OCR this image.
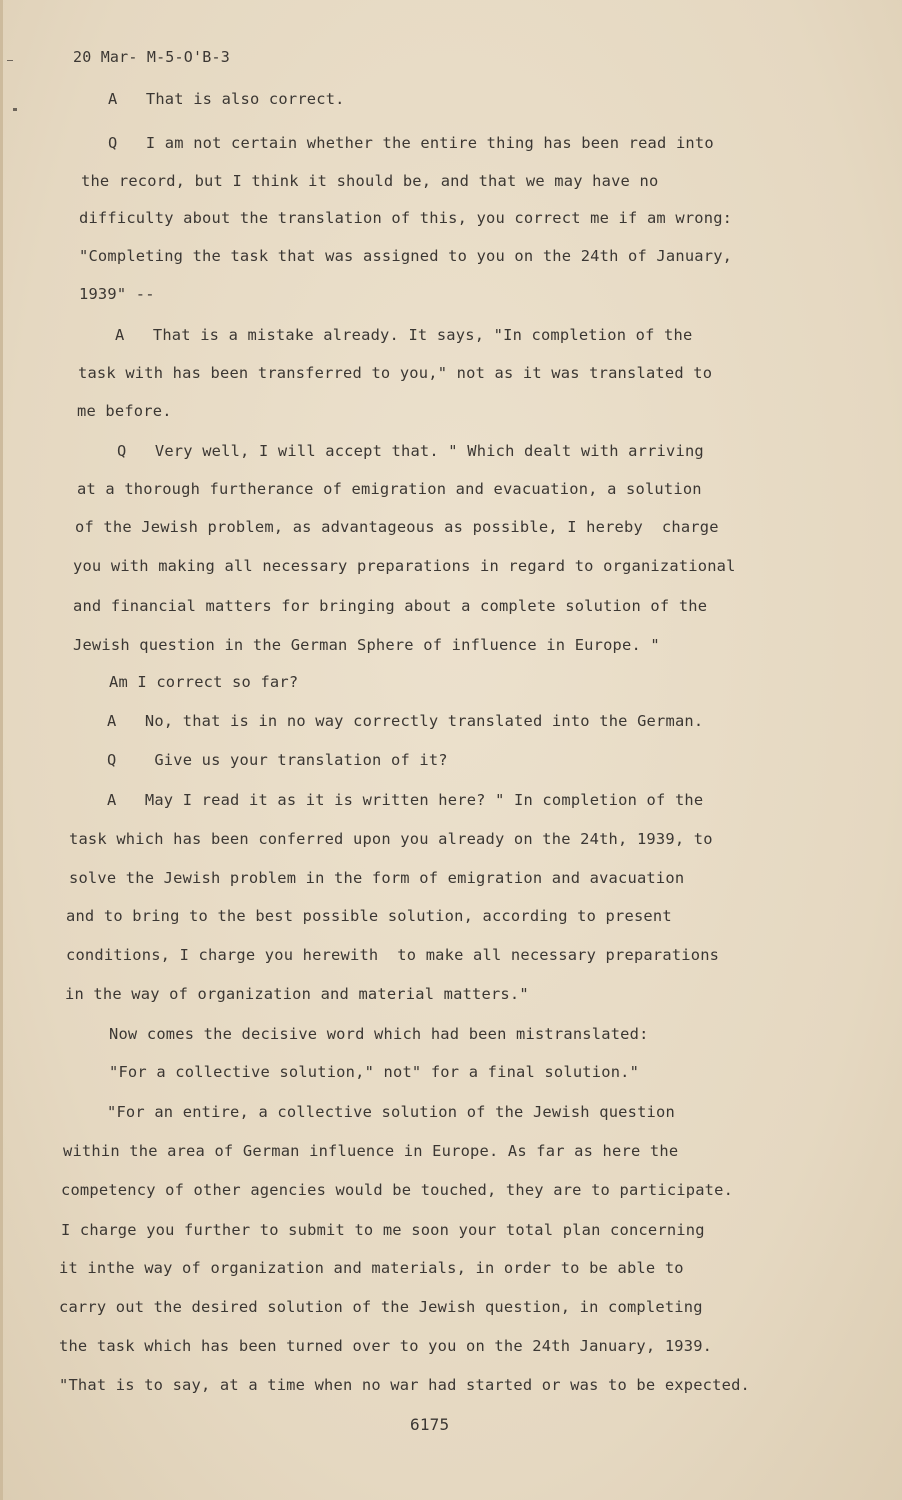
20 Mar- M-5-O'B-3
A   That is also correct.
Q   I am not certain whether the entire thing has been read into
the record, but I think it should be, and that we may have no
difficulty about the translation of this, you correct me if am wrong:
"Completing the task that was assigned to you on the 24th of January,
1939" --
A   That is a mistake already. It says, "In completion of the
task with has been transferred to you," not as it was translated to
me before.
Q   Very well, I will accept that. " Which dealt with arriving
at a thorough furtherance of emigration and evacuation, a solution
of the Jewish problem, as advantageous as possible, I hereby  charge
you with making all necessary preparations in regard to organizational
and financial matters for bringing about a complete solution of the
Jewish question in the German Sphere of influence in Europe. "
Am I correct so far?
A   No, that is in no way correctly translated into the German.
Q    Give us your translation of it?
A   May I read it as it is written here? " In completion of the
task which has been conferred upon you already on the 24th, 1939, to
solve the Jewish problem in the form of emigration and avacuation
and to bring to the best possible solution, according to present
conditions, I charge you herewith  to make all necessary preparations
in the way of organization and material matters."
Now comes the decisive word which had been mistranslated:
"For a collective solution," not" for a final solution."
"For an entire, a collective solution of the Jewish question
within the area of German influence in Europe. As far as here the
competency of other agencies would be touched, they are to participate.
I charge you further to submit to me soon your total plan concerning
it inthe way of organization and materials, in order to be able to
carry out the desired solution of the Jewish question, in completing
the task which has been turned over to you on the 24th January, 1939.
"That is to say, at a time when no war had started or was to be expected.
6175
